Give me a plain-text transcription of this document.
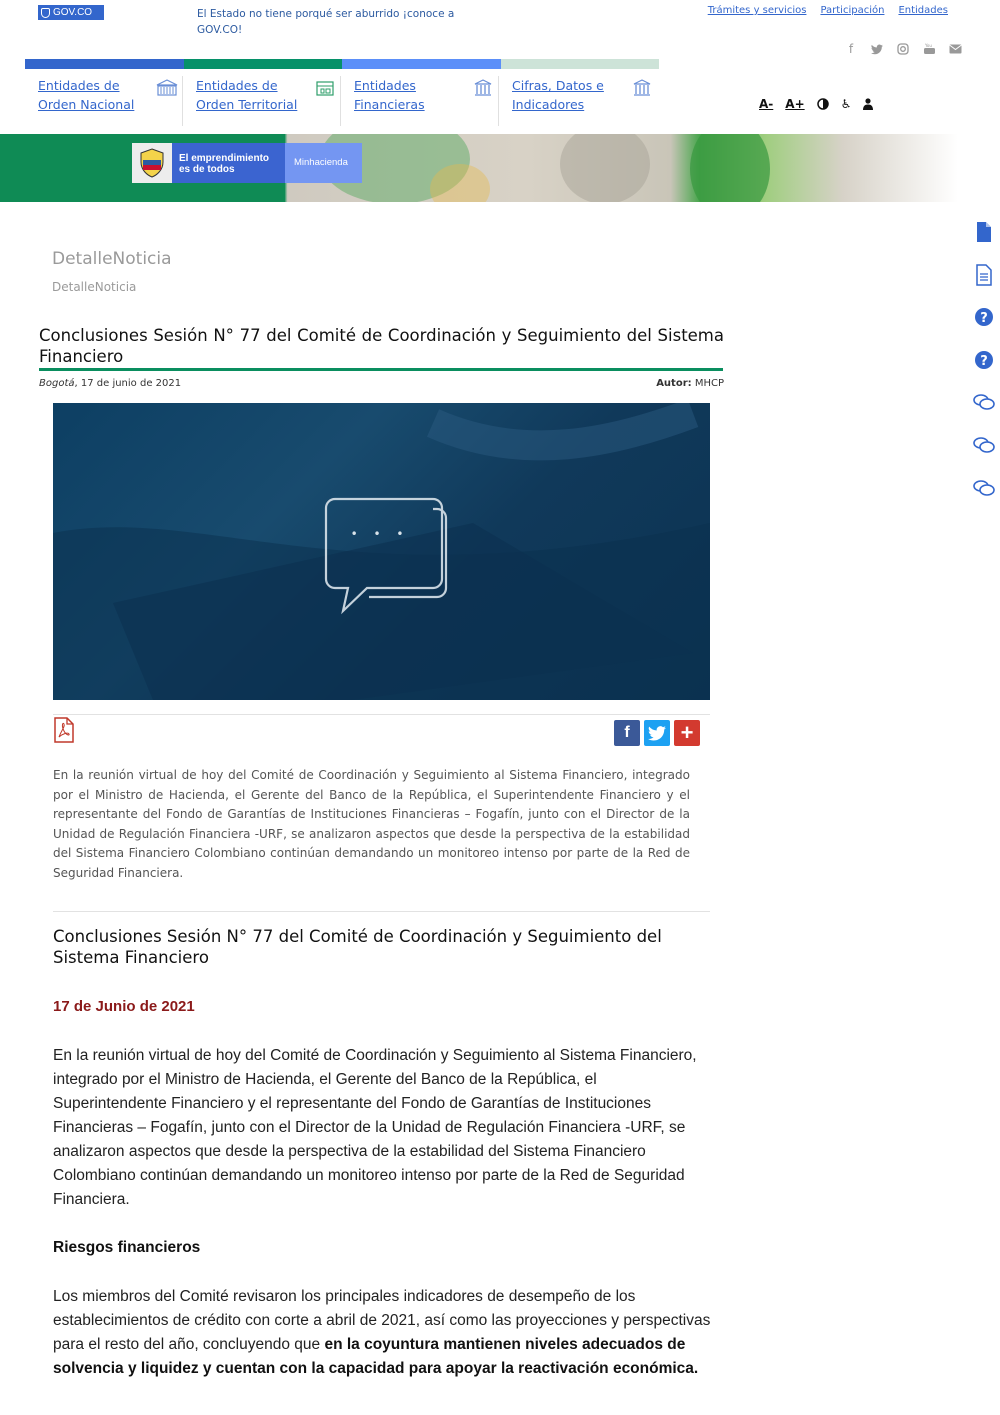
GOV.CO	El Estado no tiene porqué ser aburrido ¡conoce a GOV.CO!
Trámites y servicios Participación Entidades
f	You
Entidades de Orden Nacional
Entidades de Orden Territorial
Entidades Financieras
Cifras, Datos e Indicadores	A- A+	♿
El emprendimiento
es de todos
Minhacienda
?
?
DetalleNoticia
DetalleNoticia
Conclusiones Sesión N° 77 del Comité de Coordinación y Seguimiento del Sistema Financiero
Bogotá, 17 de junio de 2021	Autor: MHCP
• • •
f	+
En la reunión virtual de hoy del Comité de Coordinación y Seguimiento al Sistema Financiero, integrado por el Ministro de Hacienda, el Gerente del Banco de la República, el Superintendente Financiero y el representante del Fondo de Garantías de Instituciones Financieras – Fogafín, junto con el Director de la Unidad de Regulación Financiera -URF, se analizaron aspectos que desde la perspectiva de la estabilidad del Sistema Financiero Colombiano continúan demandando un monitoreo intenso por parte de la Red de Seguridad Financiera.
Conclusiones Sesión N° 77 del Comité de Coordinación y Seguimiento del Sistema Financiero
17 de Junio de 2021
En la reunión virtual de hoy del Comité de Coordinación y Seguimiento al Sistema Financiero, integrado por el Ministro de Hacienda, el Gerente del Banco de la República, el Superintendente Financiero y el representante del Fondo de Garantías de Instituciones Financieras – Fogafín, junto con el Director de la Unidad de Regulación Financiera -URF, se analizaron aspectos que desde la perspectiva de la estabilidad del Sistema Financiero Colombiano continúan demandando un monitoreo intenso por parte de la Red de Seguridad Financiera.
Riesgos financieros
Los miembros del Comité revisaron los principales indicadores de desempeño de los establecimientos de crédito con corte a abril de 2021, así como las proyecciones y perspectivas para el resto del año, concluyendo que en la coyuntura mantienen niveles adecuados de solvencia y liquidez y cuentan con la capacidad para apoyar la reactivación económica.
